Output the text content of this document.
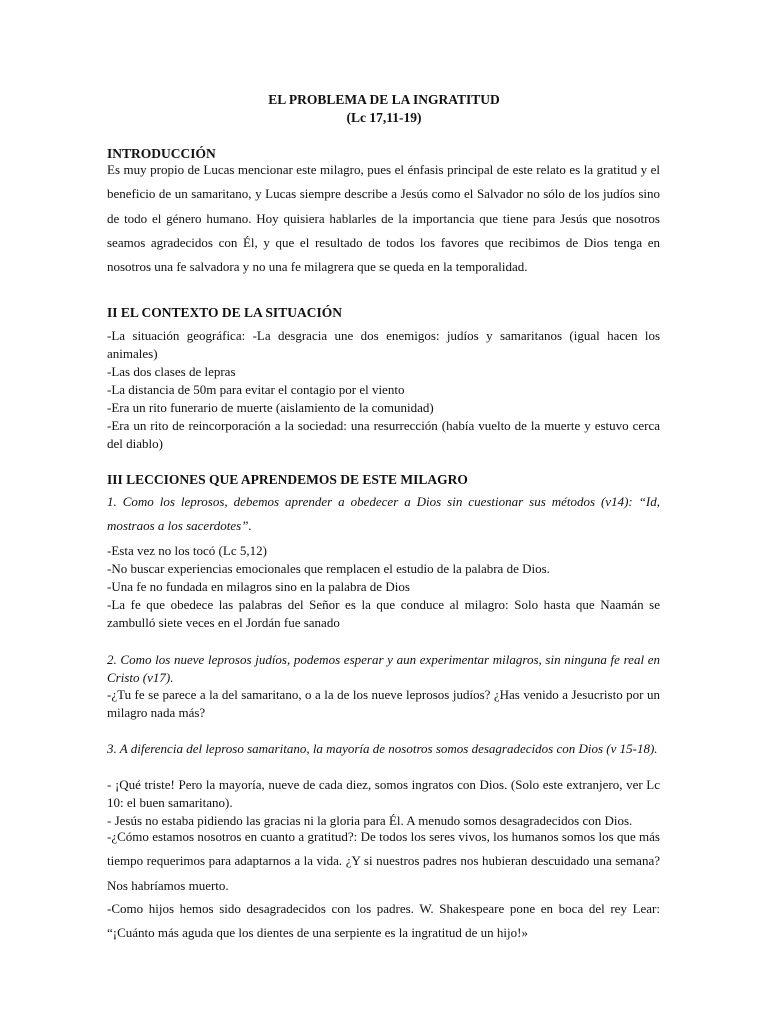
EL PROBLEMA DE LA INGRATITUD
(Lc 17,11-19)
INTRODUCCIÓN

Es muy propio de Lucas mencionar este milagro, pues el énfasis principal de este relato es la gratitud y el beneficio de un samaritano, y Lucas siempre describe a Jesús como el Salvador no sólo de los judíos sino de todo el género humano. Hoy quisiera hablarles de la importancia que tiene para Jesús que nosotros seamos agradecidos con Él, y que el resultado de todos los favores que recibimos de Dios tenga en nosotros una fe salvadora y no una fe milagrera que se queda en la temporalidad.

II EL CONTEXTO DE LA SITUACIÓN
-La situación geográfica: -La desgracia une dos enemigos: judíos y samaritanos (igual hacen los animales)
-Las dos clases de lepras
-La distancia de 50m para evitar el contagio por el viento
-Era un rito funerario de muerte (aislamiento de la comunidad)
-Era un rito de reincorporación a la sociedad: una resurrección (había vuelto de la muerte y estuvo cerca del diablo)
III LECCIONES QUE APRENDEMOS DE ESTE MILAGRO

1. Como los leprosos, debemos aprender a obedecer a Dios sin cuestionar sus métodos (v14): “Id, mostraos a los sacerdotes”.

-Esta vez no los tocó (Lc 5,12)
-No buscar experiencias emocionales que remplacen el estudio de la palabra de Dios.
-Una fe no fundada en milagros sino en la palabra de Dios
-La fe que obedece las palabras del Señor es la que conduce al milagro: Solo hasta que Naamán se zambulló siete veces en el Jordán fue sanado

2. Como los nueve leprosos judíos, podemos esperar y aun experimentar milagros, sin ninguna fe real en Cristo (v17).

-¿Tu fe se parece a la del samaritano, o a la de los nueve leprosos judíos? ¿Has venido a Jesucristo por un milagro nada más?

3. A diferencia del leproso samaritano, la mayoría de nosotros somos desagradecidos con Dios (v 15-18).

- ¡Qué triste! Pero la mayoría, nueve de cada diez, somos ingratos con Dios. (Solo este extranjero, ver Lc 10: el buen samaritano).
- Jesús no estaba pidiendo las gracias ni la gloria para Él. A menudo somos desagradecidos con Dios.

-¿Cómo estamos nosotros en cuanto a gratitud?: De todos los seres vivos, los humanos somos los que más tiempo requerimos para adaptarnos a la vida. ¿Y si nuestros padres nos hubieran descuidado una semana? Nos habríamos muerto.

-Como hijos hemos sido desagradecidos con los padres. W. Shakespeare pone en boca del rey Lear: “¡Cuánto más aguda que los dientes de una serpiente es la ingratitud de un hijo!»
